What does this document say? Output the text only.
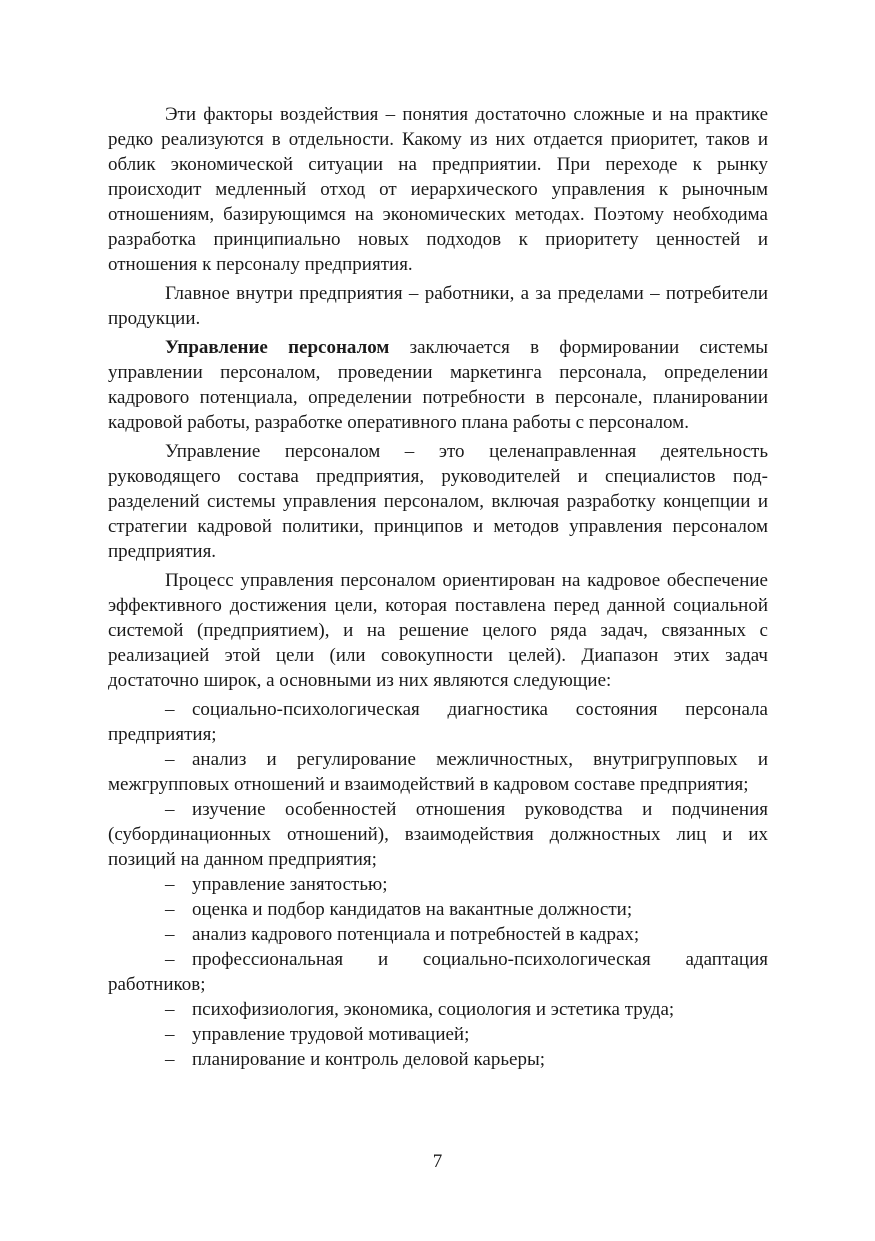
Эти факторы воздействия – понятия достаточно сложные и на практике редко реализуются в отдельности. Какому из них отдается приоритет, таков и облик экономической ситуации на предприятии. При переходе к рынку происходит медленный отход от иерархического управления к рыночным отношениям, базирующимся на экономических методах. Поэтому необходима разработка принципиально новых подходов к приоритету ценностей и отношения к персоналу предприятия.

Главное внутри предприятия – работники, а за пределами – потребители продукции.

Управление персоналом заключается в формировании системы управлении персоналом, проведении маркетинга персонала, определении кадрового потенциала, определении потребности в персонале, планировании кадровой работы, разработке оперативного плана работы с персоналом.

Управление персоналом – это целенаправленная деятельность руководящего состава предприятия, руководителей и специалистов подразделений системы управления персоналом, включая разработку концепции и стратегии кадровой политики, принципов и методов управления персоналом предприятия.

Процесс управления персоналом ориентирован на кадровое обеспечение эффективного достижения цели, которая поставлена перед данной социальной системой (предприятием), и на решение целого ряда задач, связанных с реализацией этой цели (или совокупности целей). Диапазон этих задач достаточно широк, а основными из них являются следующие:

– социально-психологическая диагностика состояния персонала предприятия;

– анализ и регулирование межличностных, внутригрупповых и межгрупповых отношений и взаимодействий в кадровом составе предприятия;

– изучение особенностей отношения руководства и подчинения (субординационных отношений), взаимодействия должностных лиц и их позиций на данном предприятия;

– управление занятостью;

– оценка и подбор кандидатов на вакантные должности;

– анализ кадрового потенциала и потребностей в кадрах;

– профессиональная и социально-психологическая адаптация работников;

– психофизиология, экономика, социология и эстетика труда;

– управление трудовой мотивацией;

– планирование и контроль деловой карьеры;

7
